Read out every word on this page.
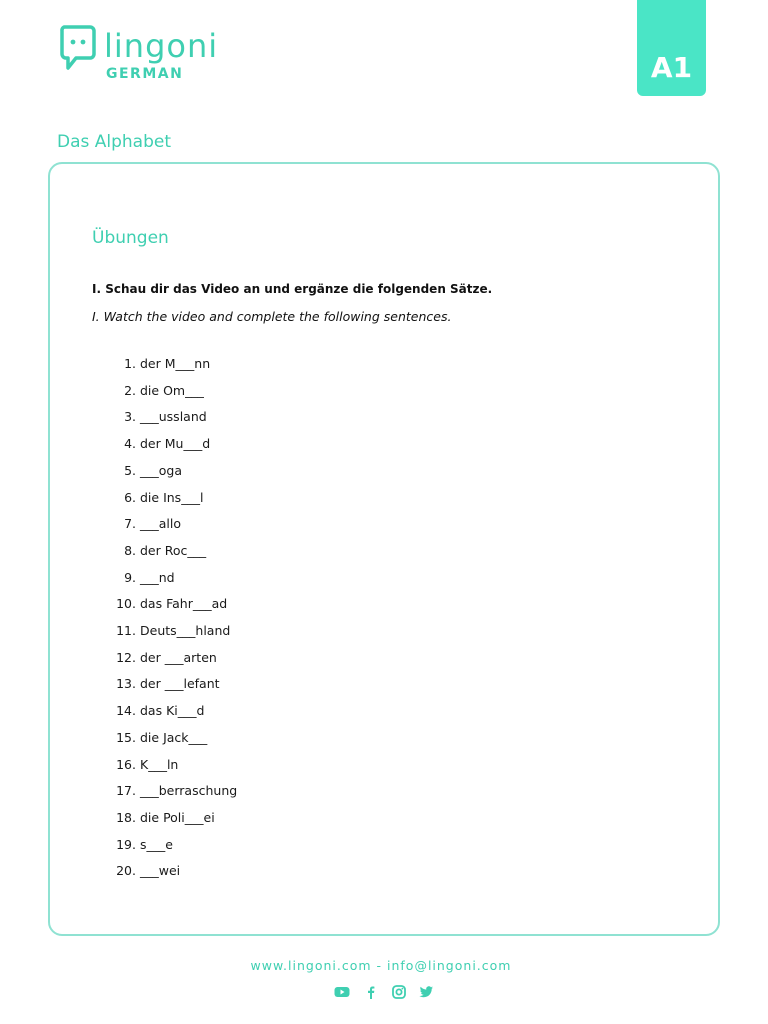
lingoni
GERMAN	A1
Das Alphabet
Übungen
I. Schau dir das Video an und ergänze die folgenden Sätze.
I. Watch the video and complete the following sentences.
1. der M___nn
2. die Om___
3. ___ussland
4. der Mu___d
5. ___oga
6. die Ins___l
7. ___allo
8. der Roc___
9. ___nd
10. das Fahr___ad
11. Deuts___hland
12. der ___arten
13. der ___lefant
14. das Ki___d
15. die Jack___
16. K___ln
17. ___berraschung
18. die Poli___ei
19. s___e
20. ___wei
www.lingoni.com - info@lingoni.com
